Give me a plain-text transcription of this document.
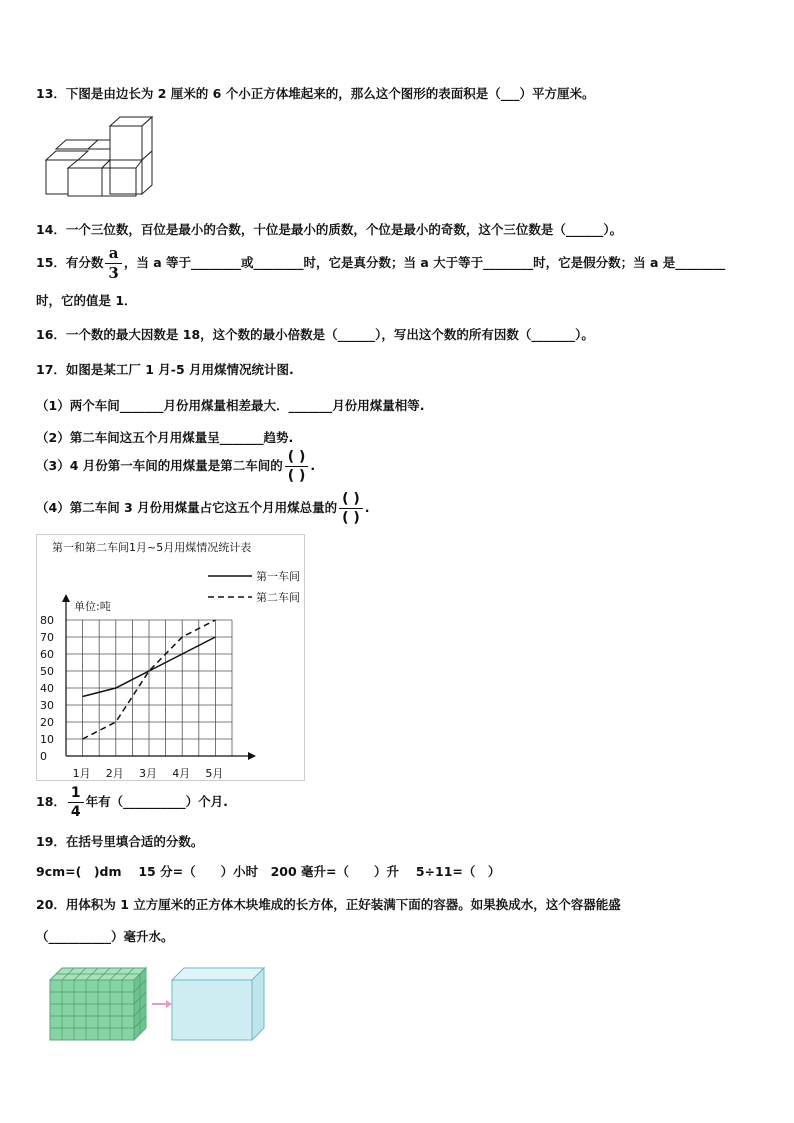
13．下图是由边长为 2 厘米的 6 个小正方体堆起来的，那么这个图形的表面积是（___）平方厘米。
14．一个三位数，百位是最小的合数，十位是最小的质数，个位是最小的奇数，这个三位数是（______）。
15．有分数 $\frac{a}{3}$ ，当 a 等于________或________时，它是真分数；当 a 大于等于________时，它是假分数；当 a 是________
时，它的值是 1．
16．一个数的最大因数是 18，这个数的最小倍数是（______），写出这个数的所有因数（_______）。
17．如图是某工厂 1 月-5 月用煤情况统计图.
（1）两个车间_______月份用煤量相差最大．_______月份用煤量相等.
（2）第二车间这五个月用煤量呈_______趋势.
（3）4 月份第一车间的用煤量是第二车间的 $\frac{( )}{( )}$ .
（4）第二车间 3 月份用煤量占它这五个月用煤总量的 $\frac{( )}{( )}$ .
第一和第二车间1月~5月用煤情况统计表
第一车间
第二车间
单位:吨
0
10
20
30
40
50
60
70
80
1月 2月 3月 4月 5月
18． $\frac{1}{4}$ 年有（__________）个月.
19．在括号里填合适的分数。
9cm=(　)dm　 15 分=（　　）小时　200 毫升=（　　）升　 5÷11=（　）
20．用体积为 1 立方厘米的正方体木块堆成的长方体，正好装满下面的容器。如果换成水，这个容器能盛
（__________）毫升水。
